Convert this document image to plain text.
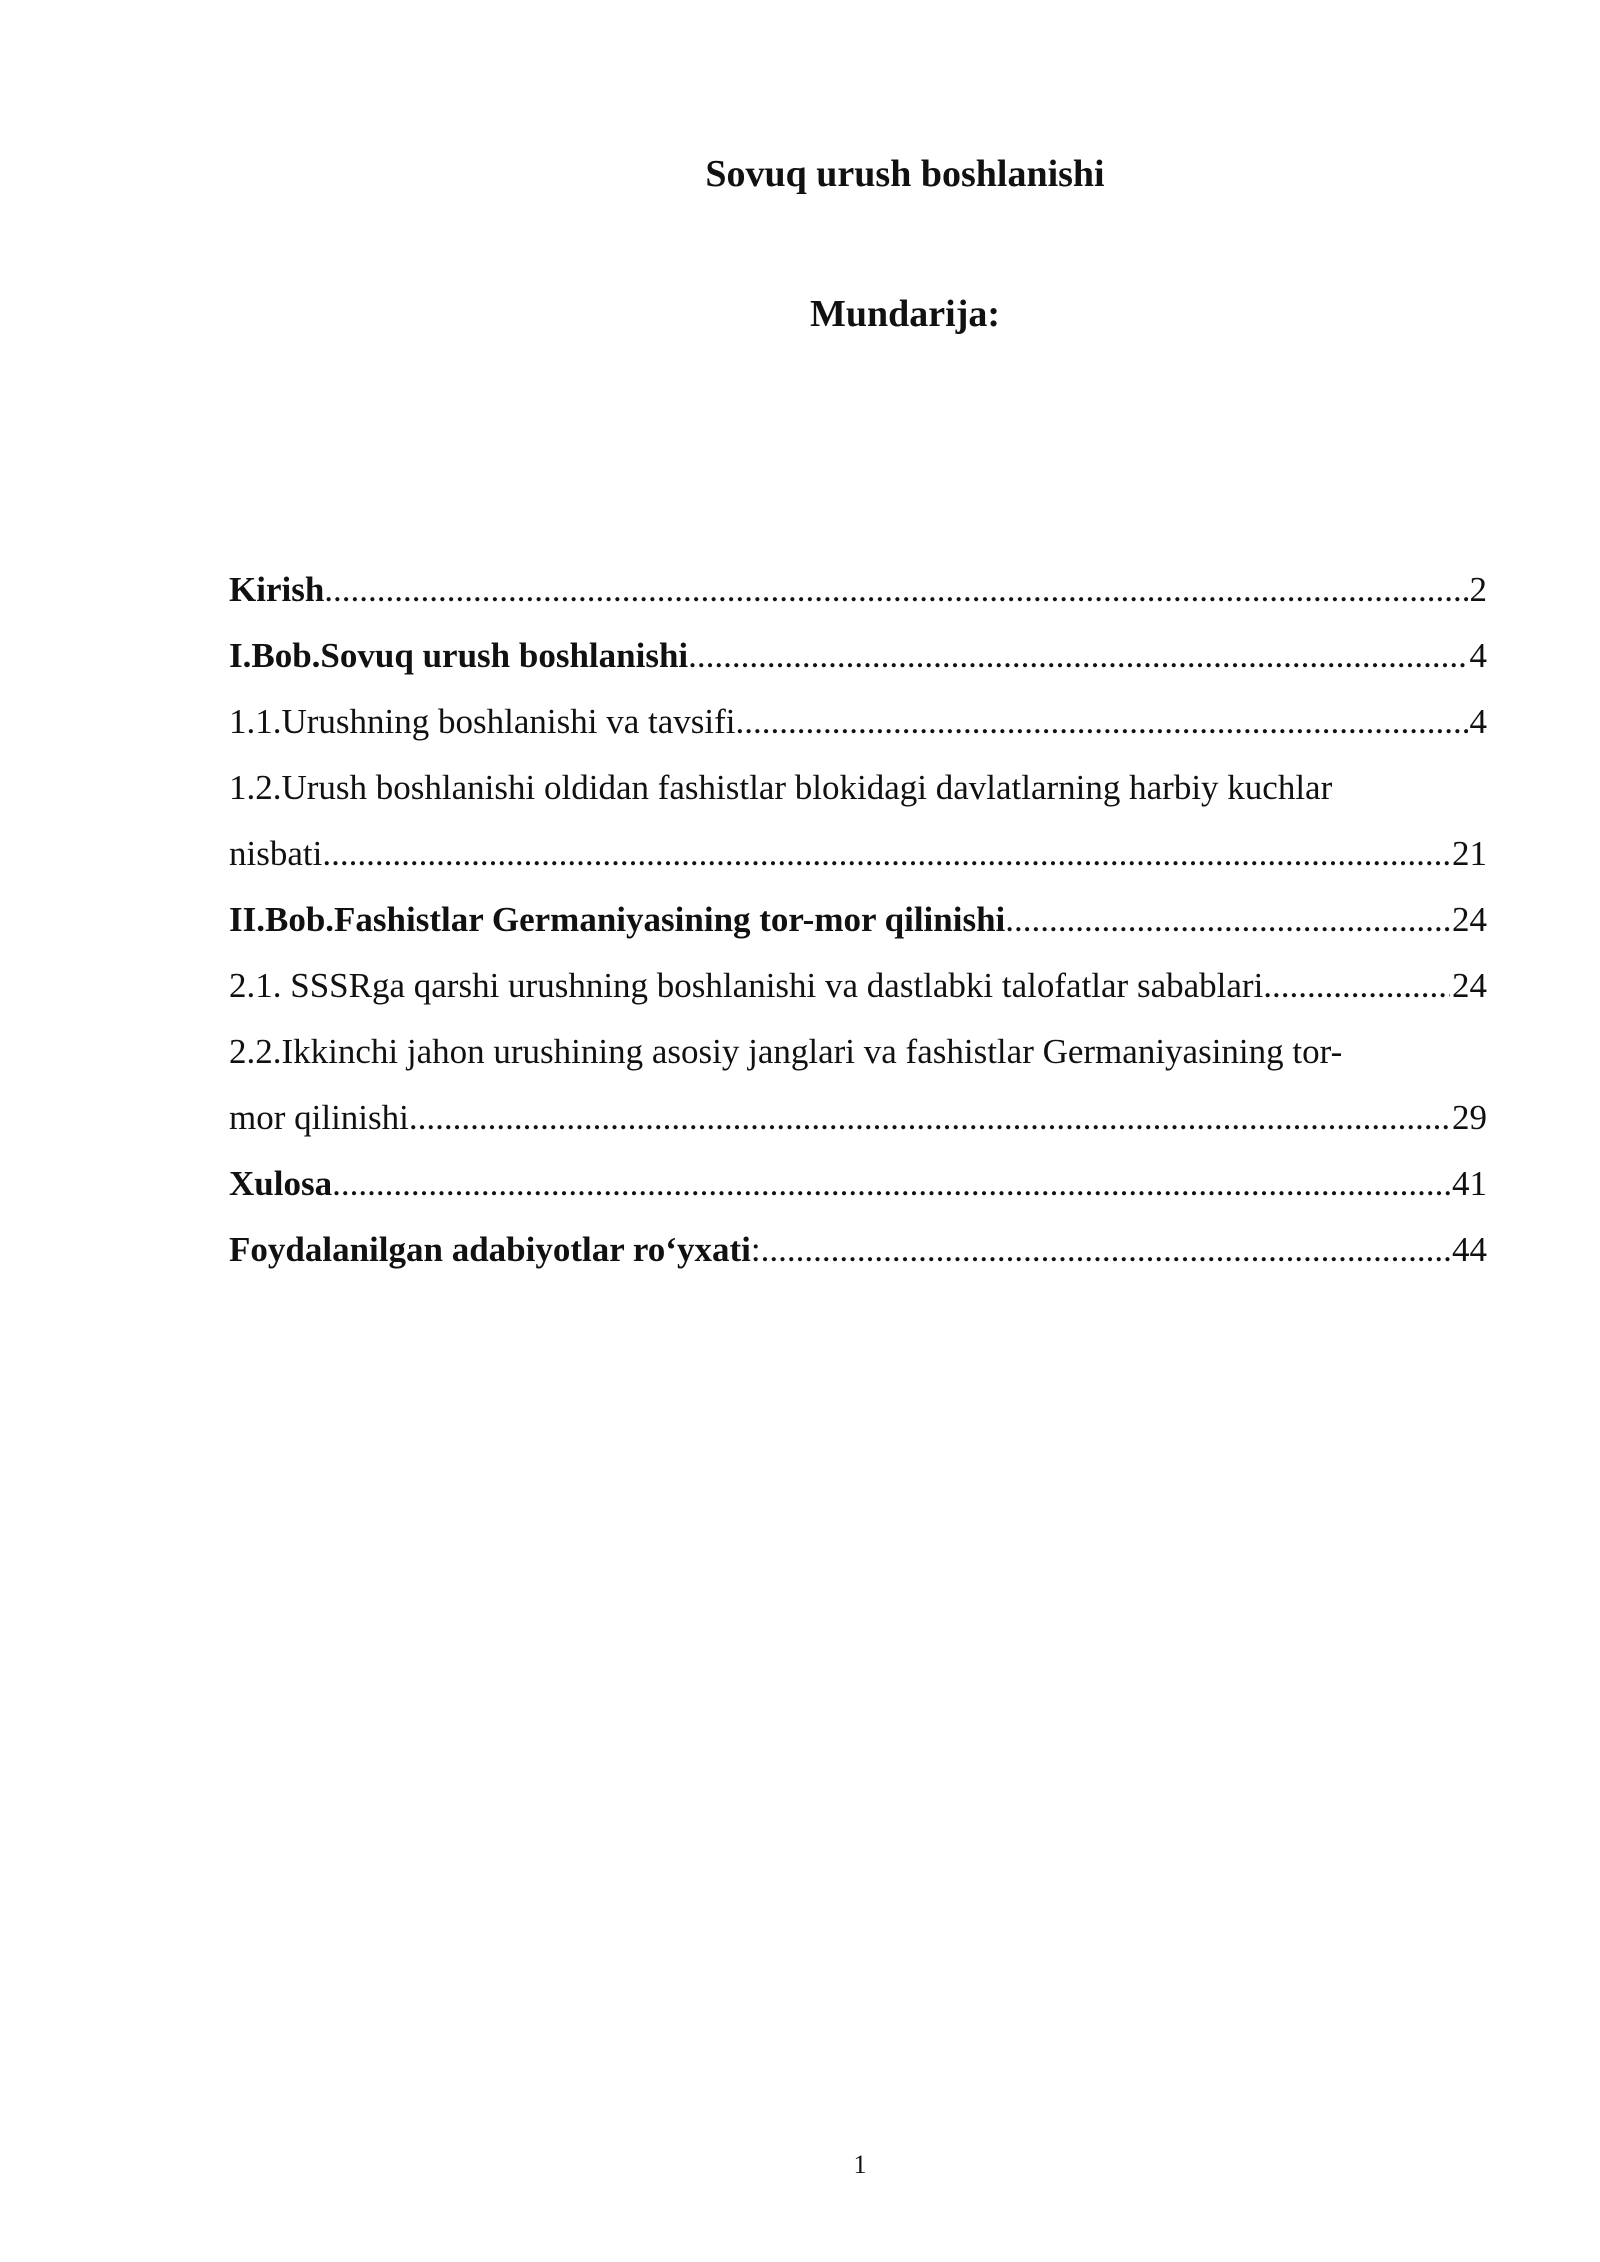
Sovuq urush boshlanishi
Mundarija:
Kirish .....	2
I.Bob.Sovuq urush boshlanishi .....	4
1.1.Urushning boshlanishi va tavsifi .....	4
1.2.Urush boshlanishi oldidan fashistlar blokidagi davlatlarning harbiy kuchlar
nisbati .....	21
II.Bob.Fashistlar Germaniyasining tor-mor qilinishi .....	24
2.1. SSSRga qarshi urushning boshlanishi va dastlabki talofatlar sabablari .....	24
2.2.Ikkinchi jahon urushining asosiy janglari va fashistlar Germaniyasining tor-
mor qilinishi .....	29
Xulosa .....	41
Foydalanilgan adabiyotlar ro‘yxati : .....	44
1
